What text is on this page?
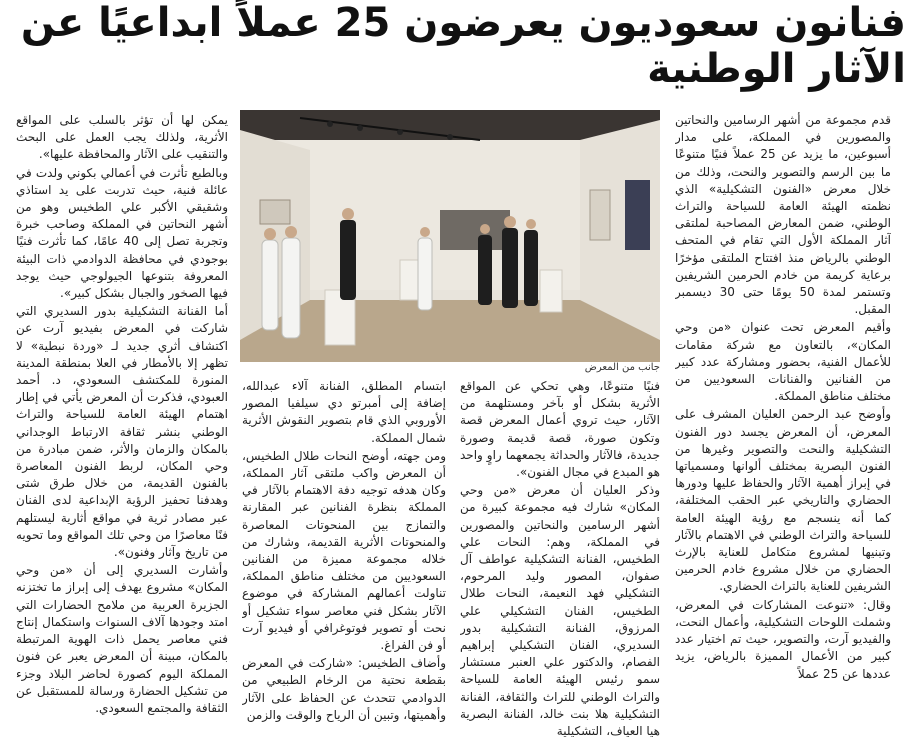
فنانون سعوديون يعرضون 25 عملاً ابداعيًا عن الآثار الوطنية

قدم مجموعة من أشهر الرسامين والنحاتين والمصورين في المملكة، على مدار أسبوعين، ما يزيد عن 25 عملاً فنيًا متنوعًا ما بين الرسم والتصوير والنحت، وذلك من خلال معرض «الفنون التشكيلية» الذي نظمته الهيئة العامة للسياحة والتراث الوطني، ضمن المعارض المصاحبة لملتقى آثار المملكة الأول التي تقام في المتحف الوطني بالرياض منذ افتتاح الملتقى مؤخرًا برعاية كريمة من خادم الحرمين الشريفين وتستمر لمدة 50 يومًا حتى 30 ديسمبر المقبل.

وأقيم المعرض تحت عنوان «من وحي المكان»، بالتعاون مع شركة مقامات للأعمال الفنية، بحضور ومشاركة عدد كبير من الفنانين والفنانات السعوديين من مختلف مناطق المملكة.

وأوضح عبد الرحمن العليان المشرف على المعرض، أن المعرض يجسد دور الفنون التشكيلية والنحت والتصوير وغيرها من الفنون البصرية بمختلف ألوانها ومسمياتها في إبراز أهمية الآثار والحفاظ عليها ودورها الحضاري والتاريخي عبر الحقب المختلفة، كما أنه ينسجم مع رؤية الهيئة العامة للسياحة والتراث الوطني في الاهتمام بالآثار وتبنيها لمشروع متكامل للعناية بالإرث الحضاري من خلال مشروع خادم الحرمين الشريفين للعناية بالتراث الحضاري.

وقال: «تنوعت المشاركات في المعرض، وشملت اللوحات التشكيلية، وأعمال النحت، والفيديو آرت، والتصوير، حيث تم اختيار عدد كبير من الأعمال المميزة بالرياض، يزيد عددها عن 25 عملاً

جانب من المعرض

فنيًا متنوعًا، وهي تحكي عن المواقع الأثرية بشكل أو بآخر ومستلهمة من الآثار، حيث تروي أعمال المعرض قصة وتكون صورة، قصة قديمة وصورة جديدة، فالآثار والحداثة يجمعهما راوٍ واحد هو المبدع في مجال الفنون».

وذكر العليان أن معرض «من وحي المكان» شارك فيه مجموعة كبيرة من أشهر الرسامين والنحاتين والمصورين في المملكة، وهم: النحات علي الطخيس، الفنانة التشكيلية عواطف آل صفوان، المصور وليد المرحوم، التشكيلي فهد النعيمة، النحات طلال الطخيس، الفنان التشكيلي علي المرزوق، الفنانة التشكيلية بدور السديري، الفنان التشكيلي إبراهيم الفصام، والدكتور علي العنبر مستشار سمو رئيس الهيئة العامة للسياحة والتراث الوطني للتراث والثقافة، الفنانة التشكيلية هلا بنت خالد، الفنانة البصرية هيا العياف، التشكيلية

ابتسام المطلق، الفنانة آلاء عبدالله، إضافة إلى أمبرتو دي سيلفيا المصور الأوروبي الذي قام بتصوير النقوش الأثرية شمال المملكة.

ومن جهته، أوضح النحات طلال الطخيس، أن المعرض واكب ملتقى آثار المملكة، وكان هدفه توجيه دفة الاهتمام بالآثار في المملكة بنظرة الفنانين عبر المقارنة والتمازج بين المنحوتات المعاصرة والمنحوتات الأثرية القديمة، وشارك من خلاله مجموعة مميزة من الفنانين السعوديين من مختلف مناطق المملكة، تناولت أعمالهم المشاركة في موضوع الآثار بشكل فني معاصر سواء تشكيل أو نحت أو تصوير فوتوغرافي أو فيديو آرت أو فن الفراغ.

وأضاف الطخيس: «شاركت في المعرض بقطعة نحتية من الرخام الطبيعي من الدوادمي تتحدث عن الحفاظ على الآثار وأهميتها، وتبين أن الرياح والوقت والزمن

يمكن لها أن تؤثر بالسلب على المواقع الأثرية، ولذلك يجب العمل على البحث والتنقيب على الآثار والمحافظة عليها».

وبالطبع تأثرت في أعمالي بكوني ولدت في عائلة فنية، حيث تدربت على يد استاذي وشقيقي الأكبر علي الطخيس وهو من أشهر النحاتين في المملكة وصاحب خبرة وتجربة تصل إلى 40 عامًا، كما تأثرت فنيًا بوجودي في محافظة الدوادمي ذات البيئة المعروفة بتنوعها الجيولوجي حيث يوجد فيها الصخور والجبال بشكل كبير».

أما الفنانة التشكيلية بدور السديري التي شاركت في المعرض بفيديو آرت عن اكتشاف أثري جديد لـ «وردة نبطية» لا تظهر إلا بالأمطار في العلا بمنطقة المدينة المنورة للمكتشف السعودي، د. أحمد العبودي، فذكرت أن المعرض يأتي في إطار اهتمام الهيئة العامة للسياحة والتراث الوطني بنشر ثقافة الارتباط الوجداني بالمكان والزمان والأثر، ضمن مبادرة من وحي المكان، لربط الفنون المعاصرة بالفنون القديمة، من خلال طرق شتى وهدفنا تحفيز الرؤية الإبداعية لدى الفنان عبر مصادر ثرية في مواقع أثارية ليستلهم فنًا معاصرًا من وحي تلك المواقع وما تحويه من تاريخ وآثار وفنون».

وأشارت السديري إلى أن «من وحي المكان» مشروع يهدف إلى إبراز ما تختزنه الجزيرة العربية من ملامح الحضارات التي امتد وجودها آلاف السنوات واستكمال إنتاج فني معاصر يحمل ذات الهوية المرتبطة بالمكان، مبينة أن المعرض يعبر عن فنون المملكة اليوم كصورة لحاضر البلاد وجزء من تشكيل الحضارة ورسالة للمستقبل عن الثقافة والمجتمع السعودي.
